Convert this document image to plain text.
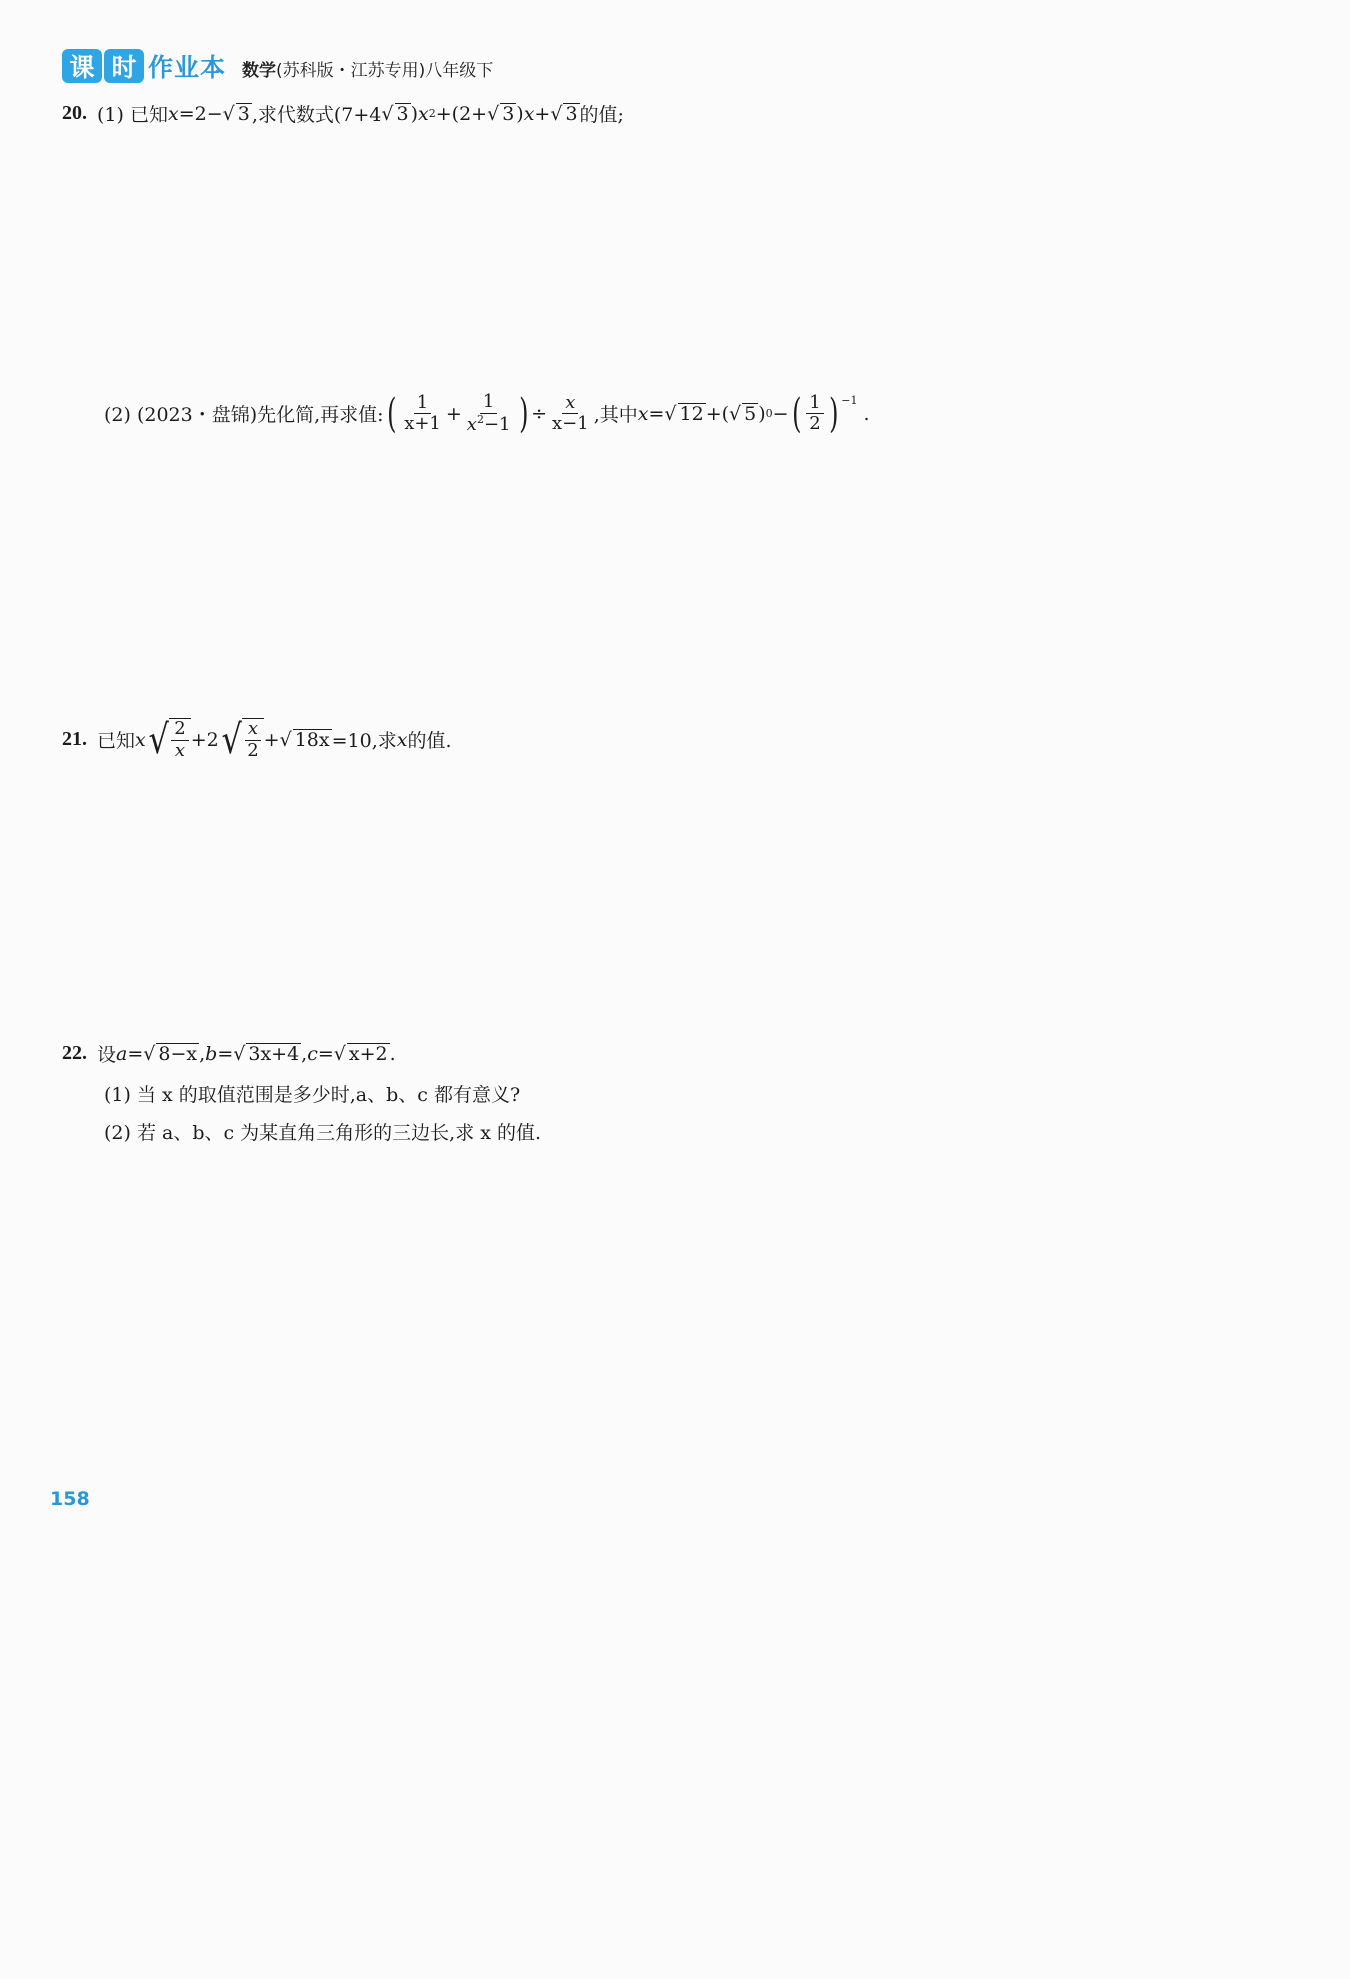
课 时 作业本 数学(苏科版・江苏专用)八年级下
20. (1) 已知 x =2− √ 3 ,求代数式(7+4 √ 3 ) x 2 +(2+ √ 3 ) x + √ 3 的值;
(2) (2023・盘锦)先化简,再求值: ( $\frac{1}{x+1} + \frac{1}{x^2-1}$ ) ÷ $\frac{x}{x-1}$ ,其中 x = √ 12 +( √ 5 ) 0 − ( $\frac{1}{2}$ ) $^{-1}$
.
21. 已知 x √ $\frac{2}{x} +2$ √ $\frac{x}{2}$ + √ 18x =10,求 x 的值.
22. 设 a = √ 8−x , b = √ 3x+4 , c = √ x+2 .
(1) 当 x 的取值范围是多少时,a、b、c 都有意义?
(2) 若 a、b、c 为某直角三角形的三边长,求 x 的值.
158
